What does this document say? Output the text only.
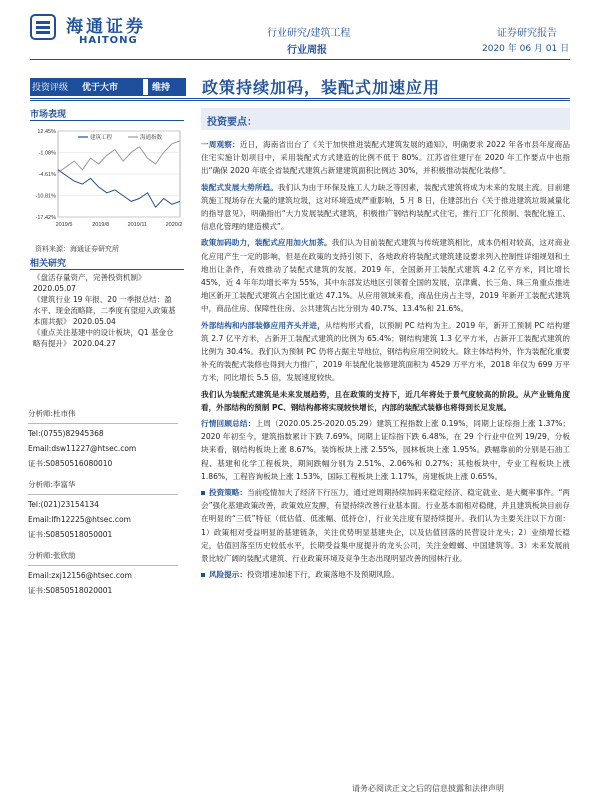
海通证券
HAITONG
行业研究/建筑工程
行业周报
证券研究报告
2020 年 06 月 01 日
投资评级 优于大市	维持 政策持续加码，装配式加速应用
市场表现
12.45%
-1.08%
-4.61%
-10.81%
-17.42%
2019/5	2019/8	2019/11	2020/2
建筑工程	海通指数
资料来源：海通证券研究所
相关研究
《盘活存量资产，完善投资机制》
2020.05.07
《建筑行业 19 年报、20 一季报总结：盈水平、现金流略降，二季度有望迎入政策基本面共振》 2020.05.04
《重点关注基建中的设计板块，Q1 基金仓略有提升》 2020.04.27
分析师:杜市伟
Tel:(0755)82945368
Email:dsw11227@htsec.com
证书:S0850516080010
分析师:李富华
Tel:(021)23154134
Email:lfh12225@htsec.com
证书:S0850518050001
分析师:张欣劼
Email:zxj12156@htsec.com
证书:S0850518020001
投资要点：
一周观察：近日，海南省出台了《关于加快推进装配式建筑发展的通知》，明确要求 2022 年各市县年度商品住宅实施计划项目中，采用装配式方式建造的比例不低于 80%。江苏省住建厅在 2020 年工作要点中也指出“确保 2020 年底全省装配式建筑占新建建筑面积比例达 30%，并积极推动装配化装修”。
装配式发展大势所趋。我们认为由于环保及施工人力缺乏等因素，装配式建筑将成为未来的发展主流。目前建筑施工现场存在大量的建筑垃圾，这对环境造成严重影响，5 月 8 日，住建部出台《关于推进建筑垃圾减量化的指导意见》，明确指出“大力发展装配式建筑，积极推广钢结构装配式住宅，推行工厂化预制、装配化施工、信息化管理的建造模式”。
政策加码助力，装配式应用加火加茶。我们认为目前装配式建筑与传统建筑相比，成本仍相对较高，这对商业化应用产生一定的影响，但是在政策的支持引领下，各地政府将装配式建筑建设要求列入控制性详细规划和土地出让条件，有效推动了装配式建筑的发展。2019 年，全国新开工装配式建筑 4.2 亿平方米，同比增长 45%，近 4 年年均增长率为 55%，其中东部发达地区引领着全国的发展，京津冀、长三角、珠三角重点推进地区新开工装配式建筑占全国比重达 47.1%。从应用领域来看，商品住房占主导，2019 年新开工装配式建筑中，商品住房、保障性住房、公共建筑占比分别为 40.7%、13.4%和 21.6%。
外部结构和内部装修应用齐头并进，从结构形式看，以预制 PC 结构为主。2019 年，新开工预制 PC 结构建筑 2.7 亿平方米，占新开工装配式建筑的比例为 65.4%；钢结构建筑 1.3 亿平方米，占新开工装配式建筑的比例为 30.4%。我们认为预制 PC 仍将占据主导地位，钢结构应用空间较大。除主体结构外，作为装配化重要补充的装配式装修也得到大力推广，2019 年装配化装修建筑面积为 4529 万平方米，2018 年仅为 699 万平方米，同比增长 5.5 倍，发展速度较快。
我们认为装配式建筑是未来发展趋势，且在政策的支持下，近几年将处于景气度较高的阶段。从产业链角度看，外部结构的预制 PC、钢结构都将实现较快增长，内部的装配式装修也将得到长足发展。
行情回顾总结：上周（2020.05.25-2020.05.29）建筑工程指数上涨 0.19%，同期上证综指上涨 1.37%；2020 年初至今，建筑指数累计下跌 7.69%，同期上证综指下跌 6.48%，在 29 个行业中位列 19/29，分板块来看，钢结构板块上涨 8.67%，装饰板块上涨 2.55%，园林板块上涨 1.95%。跌幅靠前的分别是石油工程、基建和化学工程板块，期间跌幅分别为 2.51%、2.06%和 0.27%；其他板块中，专业工程板块上涨 1.86%，工程咨询板块上涨 1.53%，国际工程板块上涨 1.17%，房建板块上涨 0.65%。
投资策略：当前疫情加大了经济下行压力，通过逆周期持续加码来稳定经济、稳定就业、是大概率事件。“两会”强化基建政策改善，政策效应发酵，有望持续改善行业基本面。行业基本面相对稳健，并且建筑板块目前存在明显的“三低”特征（低估值、低涨幅、低持仓），行业关注度有望持续提升。我们认为主要关注以下方面：1）政策相对受益明显的基建链条，关注优势明显基建央企，以及估值回落的民营设计龙头；2）业绩增长稳定，估值回落至历史较低水平，长期受益集中度提升的龙头公司，关注金螳螂、中国建筑等。3）未来发展前景比较广阔的装配式建筑、行业政策环境及竞争生态出现明显改善的园林行业。
风险提示：投资增速加速下行，政策落地不及预期风险。
请务必阅读正文之后的信息披露和法律声明
